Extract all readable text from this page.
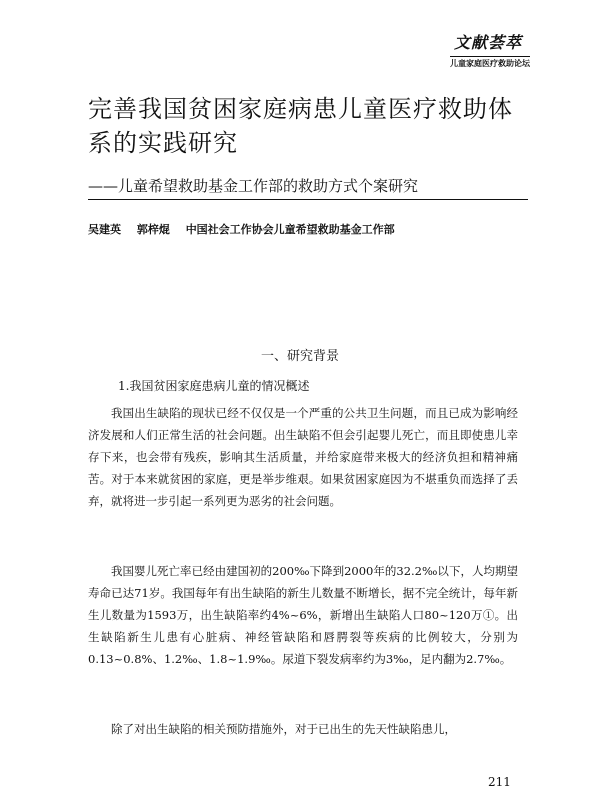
文献荟萃
儿童家庭医疗救助论坛
完善我国贫困家庭病患儿童医疗救助体系的实践研究
——儿童希望救助基金工作部的救助方式个案研究
吴建英 郭梓焜 中国社会工作协会儿童希望救助基金工作部
一、研究背景
1.我国贫困家庭患病儿童的情况概述

我国出生缺陷的现状已经不仅仅是一个严重的公共卫生问题，而且已成为影响经济发展和人们正常生活的社会问题。出生缺陷不但会引起婴儿死亡，而且即使患儿幸存下来，也会带有残疾，影响其生活质量，并给家庭带来极大的经济负担和精神痛苦。对于本来就贫困的家庭，更是举步维艰。如果贫困家庭因为不堪重负而选择了丢弃，就将进一步引起一系列更为恶劣的社会问题。

我国婴儿死亡率已经由建国初的200‰下降到2000年的32.2‰以下，人均期望寿命已达71岁。我国每年有出生缺陷的新生儿数量不断增长，据不完全统计，每年新生儿数量为1593万，出生缺陷率约4%~6%，新增出生缺陷人口80~120万①。出生缺陷新生儿患有心脏病、神经管缺陷和唇腭裂等疾病的比例较大，分别为0.13~0.8%、1.2‰、1.8~1.9‰。尿道下裂发病率约为3‰，足内翻为2.7‰。

除了对出生缺陷的相关预防措施外，对于已出生的先天性缺陷患儿，

211
